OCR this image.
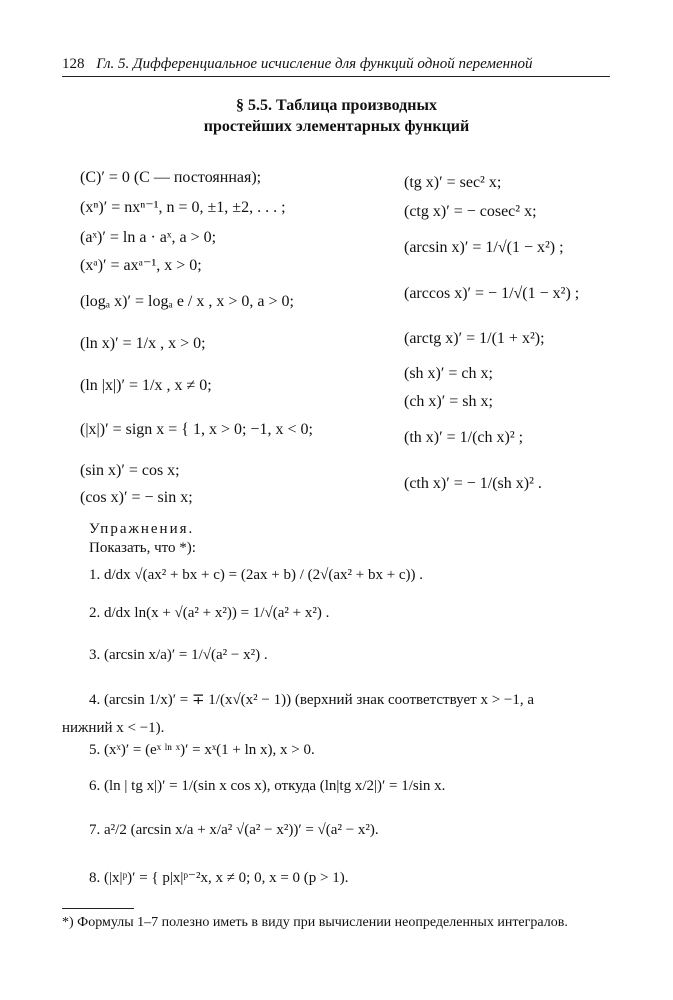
128 Гл. 5. Дифференциальное исчисление для функций одной переменной
§ 5.5. Таблица производных
простейших элементарных функций
(C)′ = 0 (C — постоянная);
(xⁿ)′ = nxⁿ⁻¹, n = 0, ±1, ±2, . . . ;
(aˣ)′ = ln a · aˣ, a > 0;
(xᵃ)′ = axᵃ⁻¹, x > 0;
(logₐ x)′ = logₐ e / x , x > 0, a > 0;
(ln x)′ = 1/x , x > 0;
(ln |x|)′ = 1/x , x ≠ 0;
(|x|)′ = sign x = { 1, x > 0; −1, x < 0;
(sin x)′ = cos x;
(cos x)′ = − sin x;
(tg x)′ = sec² x;
(ctg x)′ = − cosec² x;
(arcsin x)′ = 1/√(1 − x²) ;
(arccos x)′ = − 1/√(1 − x²) ;
(arctg x)′ = 1/(1 + x²);
(sh x)′ = ch x;
(ch x)′ = sh x;
(th x)′ = 1/(ch x)² ;
(cth x)′ = − 1/(sh x)² .
Упражнения.
Показать, что *):
1. d/dx √(ax² + bx + c) = (2ax + b) / (2√(ax² + bx + c)) .
2. d/dx ln(x + √(a² + x²)) = 1/√(a² + x²) .
3. (arcsin x/a)′ = 1/√(a² − x²) .
4. (arcsin 1/x)′ = ∓ 1/(x√(x² − 1)) (верхний знак соответствует x > −1, а
нижний x < −1).
5. (xˣ)′ = (eˣ ˡⁿ ˣ)′ = xˣ(1 + ln x), x > 0.
6. (ln | tg x|)′ = 1/(sin x cos x), откуда (ln|tg x/2|)′ = 1/sin x.
7. a²/2 (arcsin x/a + x/a² √(a² − x²))′ = √(a² − x²).
8. (|x|ᵖ)′ = { p|x|ᵖ⁻²x, x ≠ 0; 0, x = 0 (p > 1).
*) Формулы 1–7 полезно иметь в виду при вычислении неопределенных интегралов.
